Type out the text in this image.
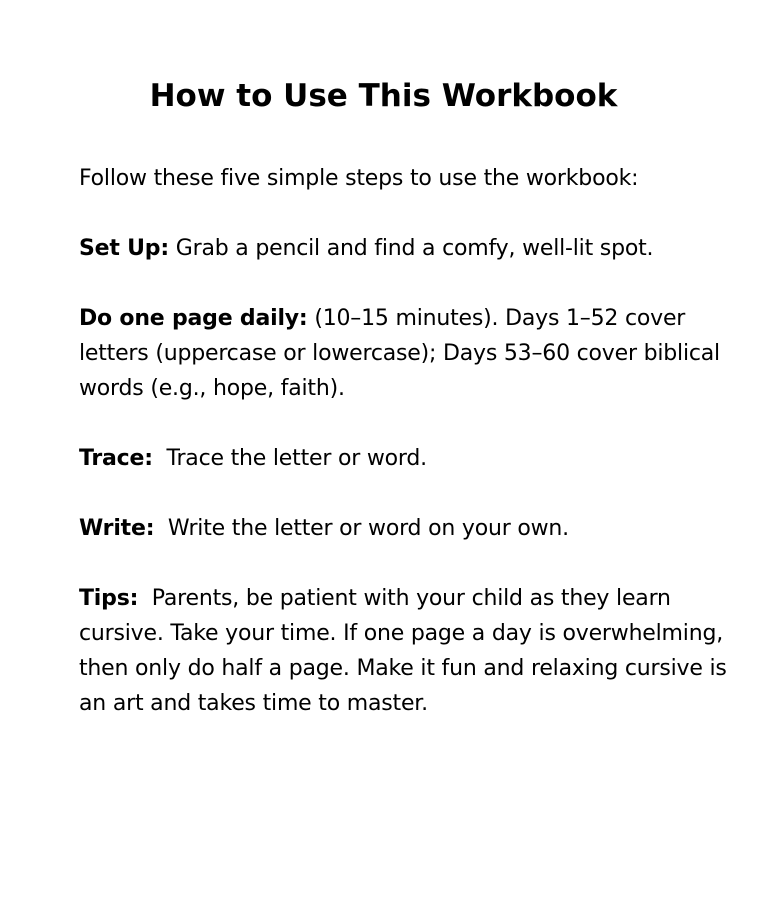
How to Use This Workbook

Follow these five simple steps to use the workbook:

Set Up: Grab a pencil and find a comfy, well-lit spot.

Do one page daily: (10–15 minutes). Days 1–52 cover letters (uppercase or lowercase); Days 53–60 cover biblical words (e.g., hope, faith).

Trace:  Trace the letter or word.

Write:  Write the letter or word on your own.

Tips:  Parents, be patient with your child as they learn cursive. Take your time. If one page a day is overwhelming, then only do half a page. Make it fun and relaxing cursive is an art and takes time to master.
